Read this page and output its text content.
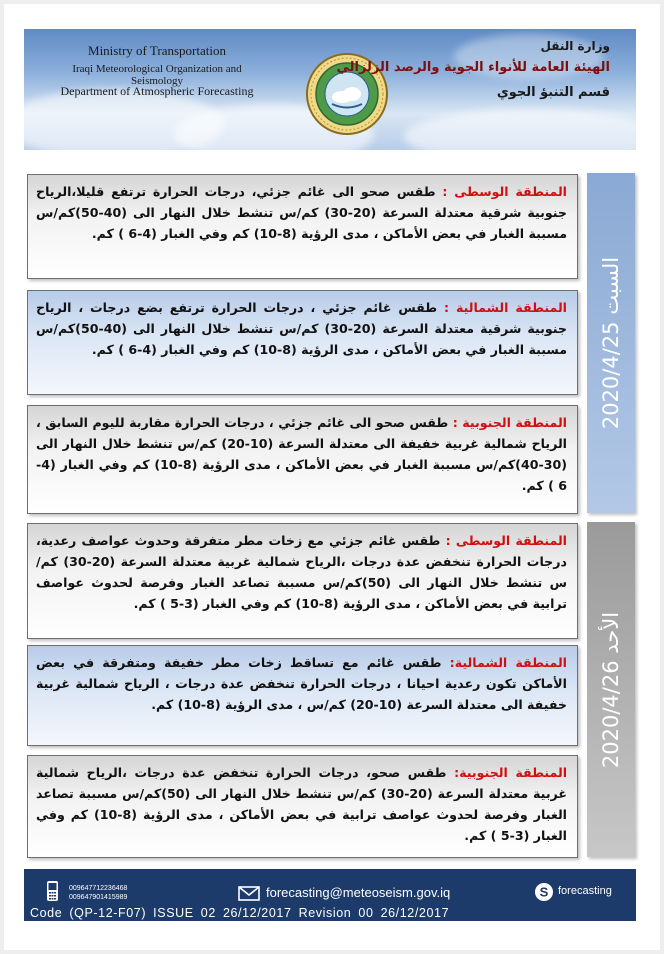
Ministry of Transportation
Iraqi Meteorological Organization and Seismology
Department of Atmospheric Forecasting
وزارة النقل
الهيئة العامة للأنواء الجوية والرصد الزلزالي
قسم التنبؤ الجوي
السبت 2020/4/25
الأحد 2020/4/26
المنطقة الوسطى : طقس صحو الى غائم جزئي، درجات الحرارة ترتفع قليلا،الرياح جنوبية شرقية معتدلة السرعة (20-30) كم/س تنشط خلال النهار الى (40-50)كم/س مسببة الغبار في بعض الأماكن ، مدى الرؤية (8-10) كم وفي الغبار (4-6 ) كم.
المنطقة الشمالية : طقس غائم جزئي ، درجات الحرارة ترتفع بضع درجات ، الرياح جنوبية شرقية معتدلة السرعة (20-30) كم/س تنشط خلال النهار الى (40-50)كم/س مسببة الغبار في بعض الأماكن ، مدى الرؤية (8-10) كم وفي الغبار (4-6 ) كم.
المنطقة الجنوبية : طقس صحو الى غائم جزئي ، درجات الحرارة مقاربة لليوم السابق ، الرياح شمالية غربية خفيفة الى معتدلة السرعة (10-20) كم/س تنشط خلال النهار الى (30-40)كم/س مسببة الغبار في بعض الأماكن ، مدى الرؤية (8-10) كم وفي الغبار (4-6 ) كم.
المنطقة الوسطى : طقس غائم جزئي مع زخات مطر متفرقة وحدوث عواصف رعدية، درجات الحرارة تنخفض عدة درجات ،الرياح شمالية غربية معتدلة السرعة (20-30) كم/س تنشط خلال النهار الى (50)كم/س مسببة تصاعد الغبار وفرصة لحدوث عواصف ترابية في بعض الأماكن ، مدى الرؤية (8-10) كم وفي الغبار (3-5 ) كم.
المنطقة الشمالية: طقس غائم مع تساقط زخات مطر خفيفة ومتفرقة في بعض الأماكن تكون رعدية احيانا ، درجات الحرارة تنخفض عدة درجات ، الرياح شمالية غربية خفيفة الى معتدلة السرعة (10-20) كم/س ، مدى الرؤية (8-10) كم.
المنطقة الجنوبية: طقس صحو، درجات الحرارة تنخفض عدة درجات ،الرياح شمالية غربية معتدلة السرعة (20-30) كم/س تنشط خلال النهار الى (50)كم/س مسببة تصاعد الغبار وفرصة لحدوث عواصف ترابية في بعض الأماكن ، مدى الرؤية (8-10) كم وفي الغبار (3-5 ) كم.
009647712236468
009647901415989	forecasting@meteoseism.gov.iq	S forecasting
Code (QP-12-F07) ISSUE 02 26/12/2017 Revision 00 26/12/2017
